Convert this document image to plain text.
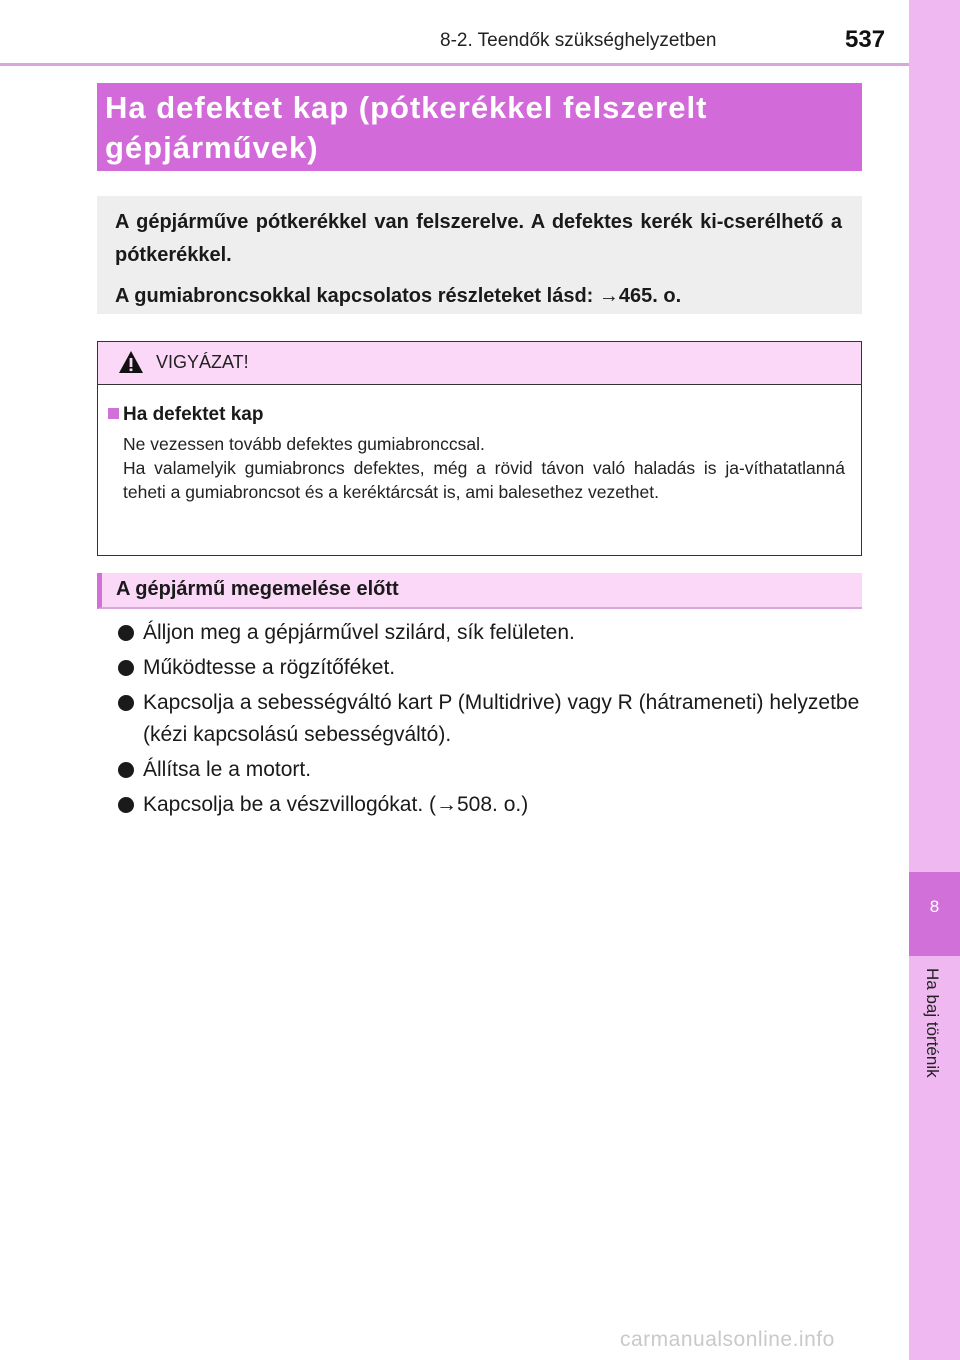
8-2. Teendők szükséghelyzetben	537
8
Ha baj történik
Ha defektet kap (pótkerékkel felszerelt gépjárművek)

A gépjárműve pótkerékkel van felszerelve. A defektes kerék ki-cserélhető a pótkerékkel.

A gumiabroncsokkal kapcsolatos részleteket lásd: →465. o.

VIGYÁZAT!
Ha defektet kap

Ne vezessen tovább defektes gumiabronccsal.

Ha valamelyik gumiabroncs defektes, még a rövid távon való haladás is ja-víthatatlanná teheti a gumiabroncsot és a keréktárcsát is, ami balesethez vezethet.

A gépjármű megemelése előtt
Álljon meg a gépjárművel szilárd, sík felületen.
Működtesse a rögzítőféket.
Kapcsolja a sebességváltó kart P (Multidrive) vagy R (hátrameneti) helyzetbe (kézi kapcsolású sebességváltó).
Állítsa le a motort.
Kapcsolja be a vészvillogókat. (→508. o.)
carmanualsonline.info
